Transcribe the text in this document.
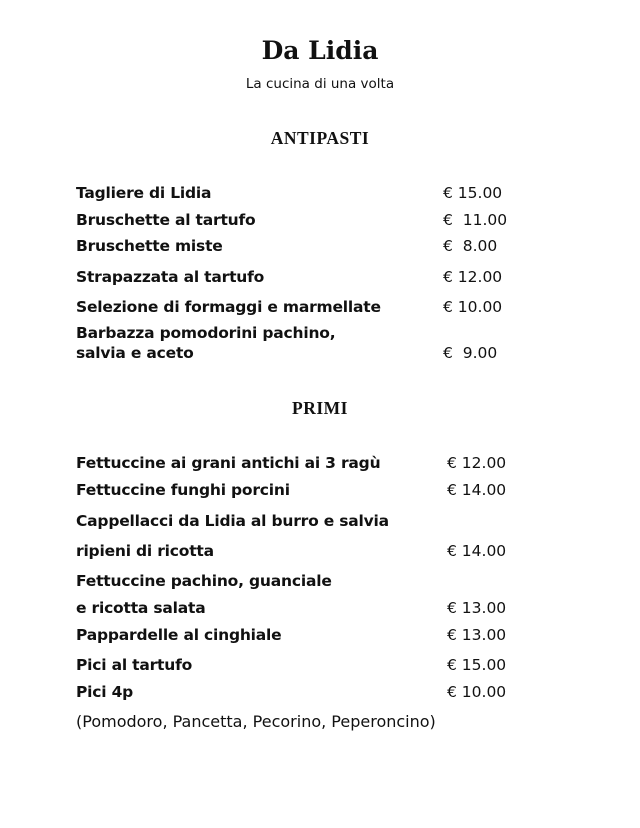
Da Lidia
La cucina di una volta
ANTIPASTI
Tagliere di Lidia	€ 15.00
Bruschette al tartufo	€  11.00
Bruschette miste	€  8.00
Strapazzata al tartufo	€ 12.00
Selezione di formaggi e marmellate	€ 10.00
Barbazza pomodorini pachino,
salvia e aceto	€  9.00
PRIMI
Fettuccine ai grani antichi ai 3 ragù	€ 12.00
Fettuccine funghi porcini	€ 14.00
Cappellacci da Lidia al burro e salvia
ripieni di ricotta	€ 14.00
Fettuccine pachino, guanciale
e ricotta salata	€ 13.00
Pappardelle al cinghiale	€ 13.00
Pici al tartufo	€ 15.00
Pici 4p	€ 10.00
(Pomodoro, Pancetta, Pecorino, Peperoncino)
